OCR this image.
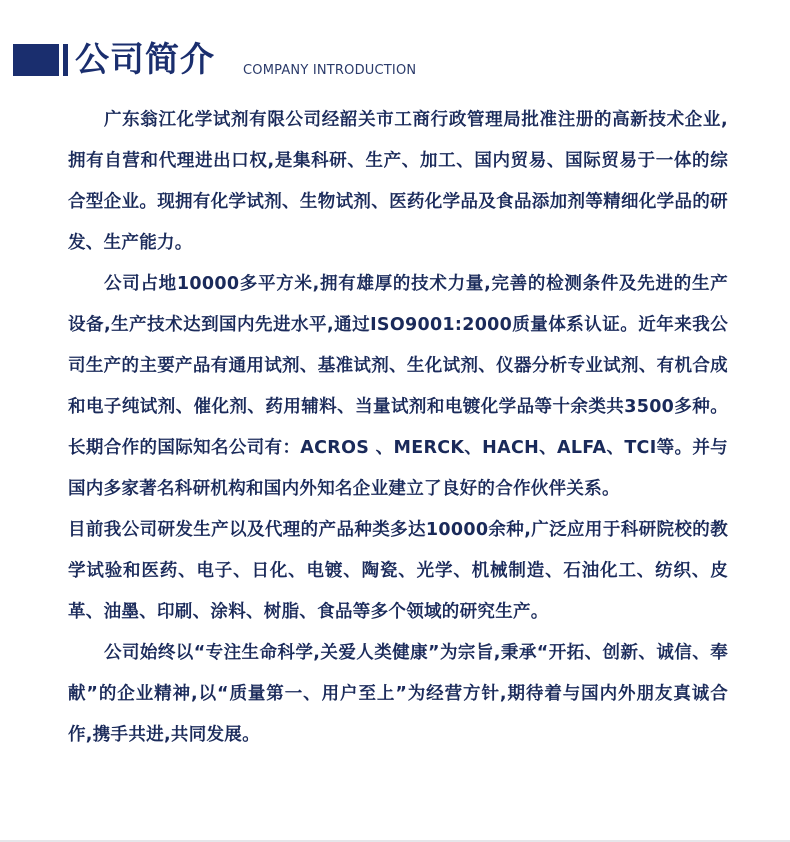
公司简介 COMPANY INTRODUCTION

广东翁江化学试剂有限公司经韶关市工商行政管理局批准注册的高新技术企业,拥有自营和代理进出口权,是集科研、生产、加工、国内贸易、国际贸易于一体的综合型企业。现拥有化学试剂、生物试剂、医药化学品及食品添加剂等精细化学品的研发、生产能力。

公司占地10000多平方米,拥有雄厚的技术力量,完善的检测条件及先进的生产设备,生产技术达到国内先进水平,通过ISO9001:2000质量体系认证。近年来我公司生产的主要产品有通用试剂、基准试剂、生化试剂、仪器分析专业试剂、有机合成和电子纯试剂、催化剂、药用辅料、当量试剂和电镀化学品等十余类共3500多种。 长期合作的国际知名公司有：ACROS 、MERCK、HACH、ALFA、TCI等。并与国内多家著名科研机构和国内外知名企业建立了良好的合作伙伴关系。

目前我公司研发生产以及代理的产品种类多达10000余种,广泛应用于科研院校的教学试验和医药、电子、日化、电镀、陶瓷、光学、机械制造、石油化工、纺织、皮革、油墨、印刷、涂料、树脂、食品等多个领域的研究生产。

公司始终以“专注生命科学,关爱人类健康”为宗旨,秉承“开拓、创新、诚信、奉献”的企业精神,以“质量第一、用户至上”为经营方针,期待着与国内外朋友真诚合作,携手共进,共同发展。
